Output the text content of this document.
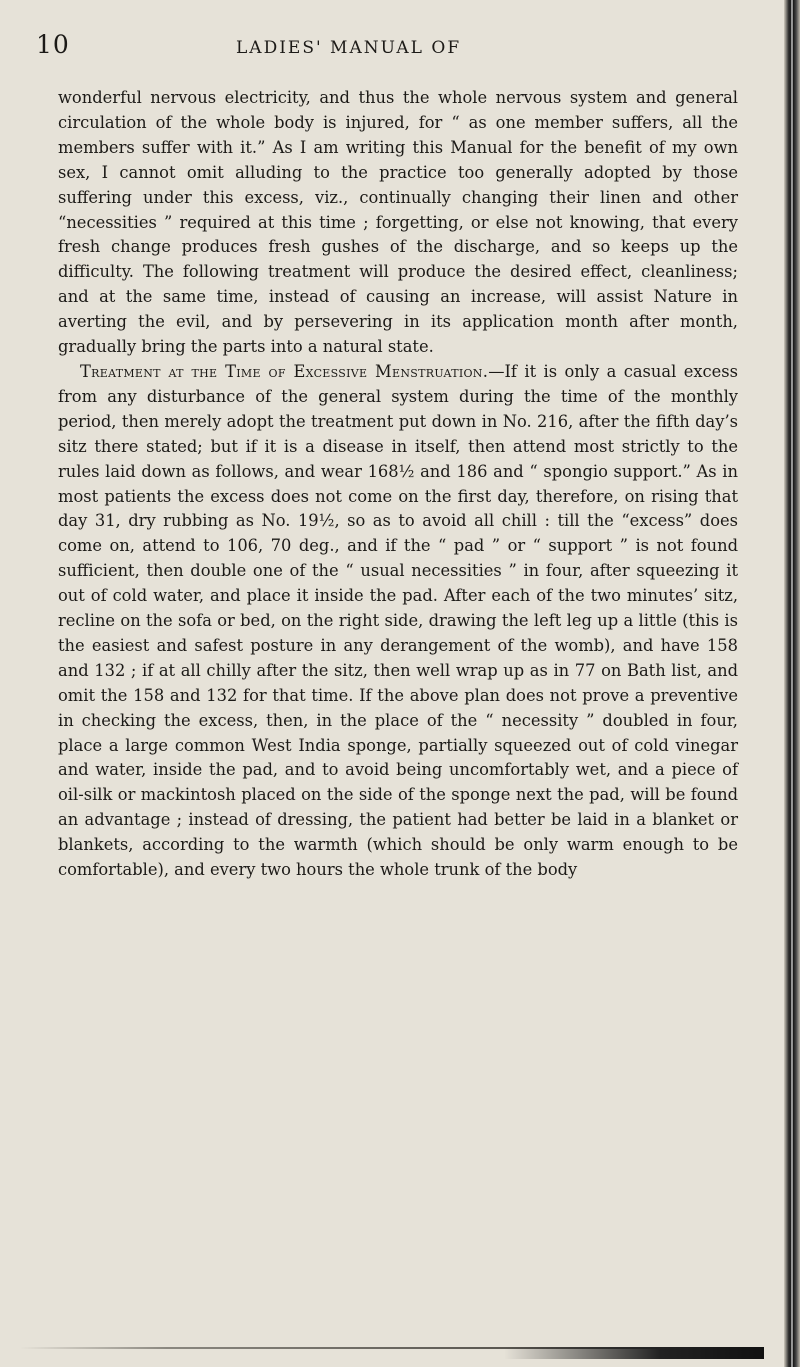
10	LADIES' MANUAL OF

wonderful nervous electricity, and thus the whole nervous system and general circulation of the whole body is injured, for “ as one member suffers, all the members suffer with it.” As I am writing this Manual for the benefit of my own sex, I cannot omit alluding to the practice too generally adopted by those suffering under this excess, viz., continually changing their linen and other “necessities ” required at this time ; forgetting, or else not knowing, that every fresh change produces fresh gushes of the discharge, and so keeps up the difficulty. The following treatment will produce the desired effect, cleanliness; and at the same time, instead of causing an increase, will assist Nature in averting the evil, and by persevering in its application month after month, gradually bring the parts into a natural state.

Treatment at the Time of Excessive Menstruation.—If it is only a casual excess from any disturbance of the general system during the time of the monthly period, then merely adopt the treatment put down in No. 216, after the fifth day’s sitz there stated; but if it is a disease in itself, then attend most strictly to the rules laid down as follows, and wear 168½ and 186 and “ spongio support.” As in most patients the excess does not come on the first day, therefore, on rising that day 31, dry rubbing as No. 19½, so as to avoid all chill : till the “excess” does come on, attend to 106, 70 deg., and if the “ pad ” or “ support ” is not found sufficient, then double one of the “ usual necessities ” in four, after squeezing it out of cold water, and place it inside the pad. After each of the two minutes’ sitz, recline on the sofa or bed, on the right side, drawing the left leg up a little (this is the easiest and safest posture in any derangement of the womb), and have 158 and 132 ; if at all chilly after the sitz, then well wrap up as in 77 on Bath list, and omit the 158 and 132 for that time. If the above plan does not prove a preventive in checking the excess, then, in the place of the “ necessity ” doubled in four, place a large common West India sponge, partially squeezed out of cold vinegar and water, inside the pad, and to avoid being uncomfortably wet, and a piece of oil-silk or mackintosh placed on the side of the sponge next the pad, will be found an advantage ; instead of dressing, the patient had better be laid in a blanket or blankets, according to the warmth (which should be only warm enough to be comfortable), and every two hours the whole trunk of the body
